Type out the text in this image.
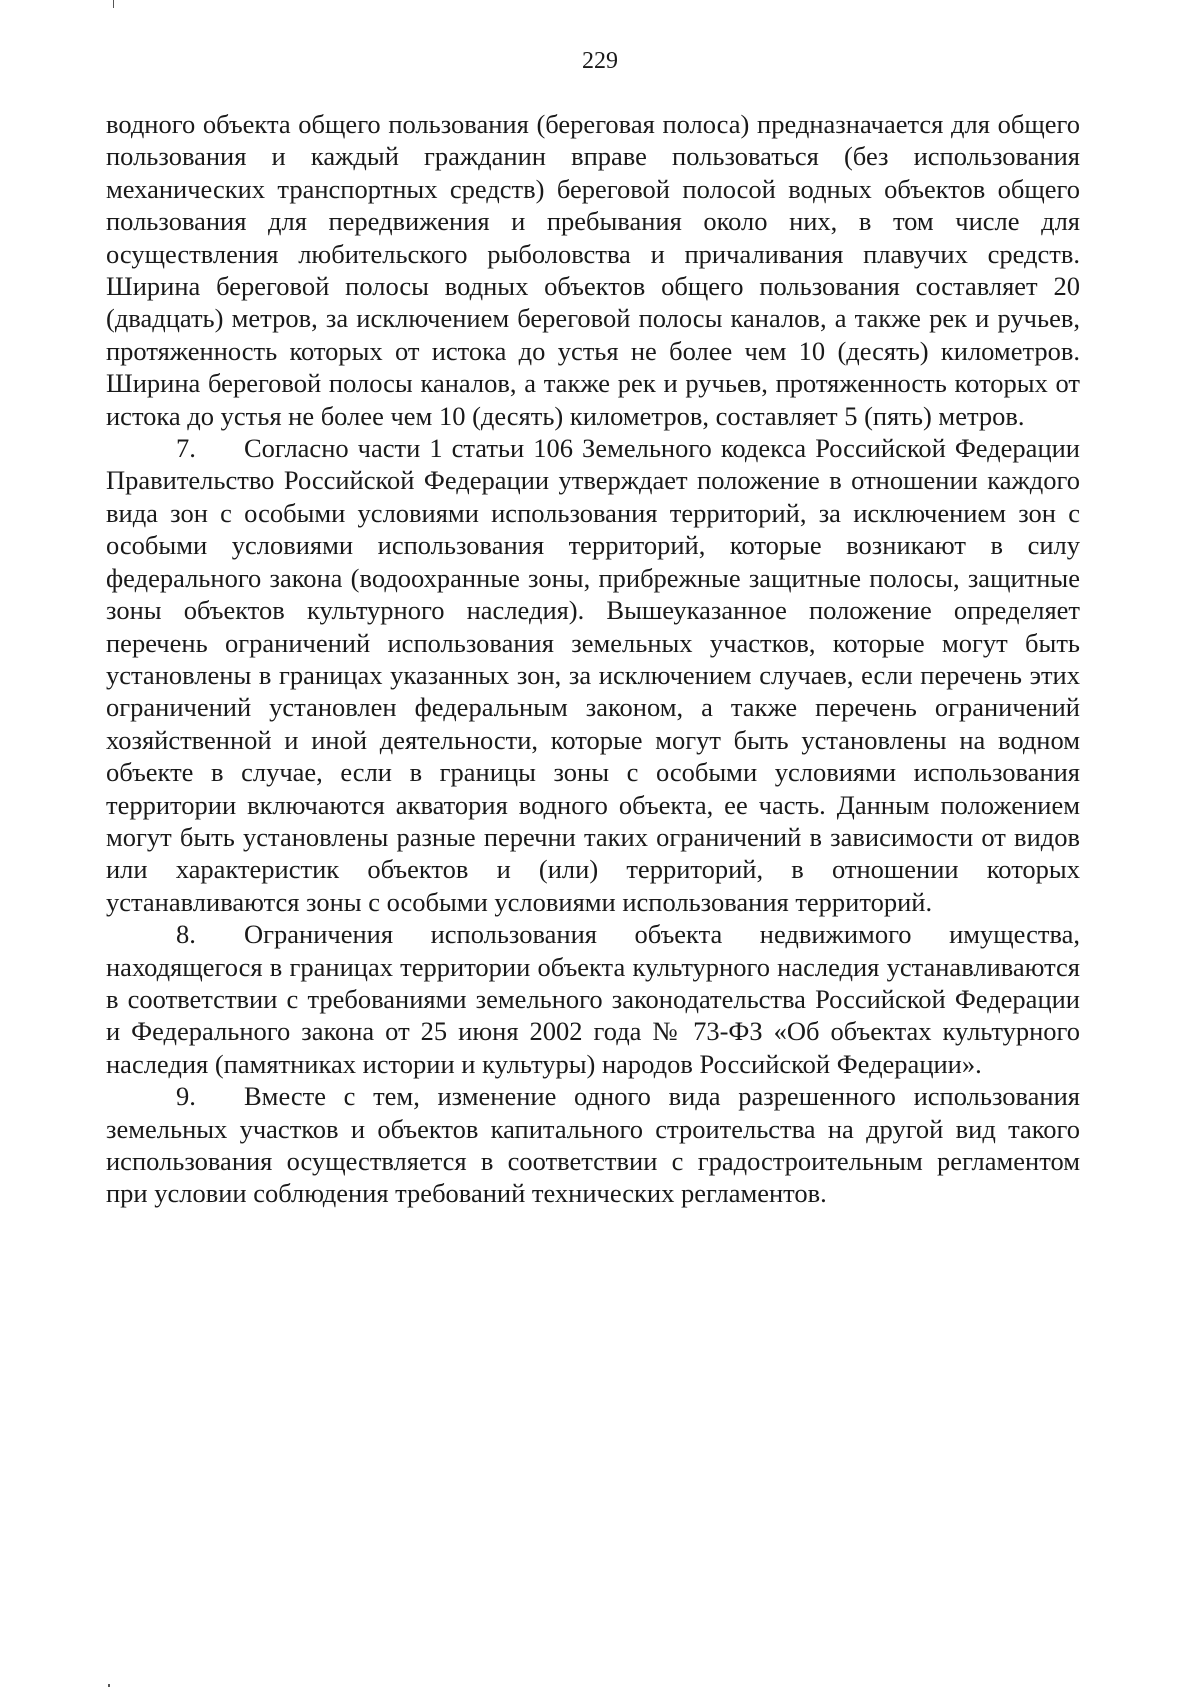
229

водного объекта общего пользования (береговая полоса) предназначается для общего пользования и каждый гражданин вправе пользоваться (без использования механических транспортных средств) береговой полосой водных объектов общего пользования для передвижения и пребывания около них, в том числе для осуществления любительского рыболовства и причаливания плавучих средств. Ширина береговой полосы водных объектов общего пользования составляет 20 (двадцать) метров, за исключением береговой полосы каналов, а также рек и ручьев, протяженность которых от истока до устья не более чем 10 (десять) километров. Ширина береговой полосы каналов, а также рек и ручьев, протяженность которых от истока до устья не более чем 10 (десять) километров, составляет 5 (пять) метров.

7. Согласно части 1 статьи 106 Земельного кодекса Российской Федерации Правительство Российской Федерации утверждает положение в отношении каждого вида зон с особыми условиями использования территорий, за исключением зон с особыми условиями использования территорий, которые возникают в силу федерального закона (водоохранные зоны, прибрежные защитные полосы, защитные зоны объектов культурного наследия). Вышеуказанное положение определяет перечень ограничений использования земельных участков, которые могут быть установлены в границах указанных зон, за исключением случаев, если перечень этих ограничений установлен федеральным законом, а также перечень ограничений хозяйственной и иной деятельности, которые могут быть установлены на водном объекте в случае, если в границы зоны с особыми условиями использования территории включаются акватория водного объекта, ее часть. Данным положением могут быть установлены разные перечни таких ограничений в зависимости от видов или характеристик объектов и (или) территорий, в отношении которых устанавливаются зоны с особыми условиями использования территорий.

8. Ограничения использования объекта недвижимого имущества, находящегося в границах территории объекта культурного наследия устанавливаются в соответствии с требованиями земельного законодательства Российской Федерации и Федерального закона от 25 июня 2002 года № 73-ФЗ «Об объектах культурного наследия (памятниках истории и культуры) народов Российской Федерации».

9. Вместе с тем, изменение одного вида разрешенного использования земельных участков и объектов капитального строительства на другой вид такого использования осуществляется в соответствии с градостроительным регламентом при условии соблюдения требований технических регламентов.
